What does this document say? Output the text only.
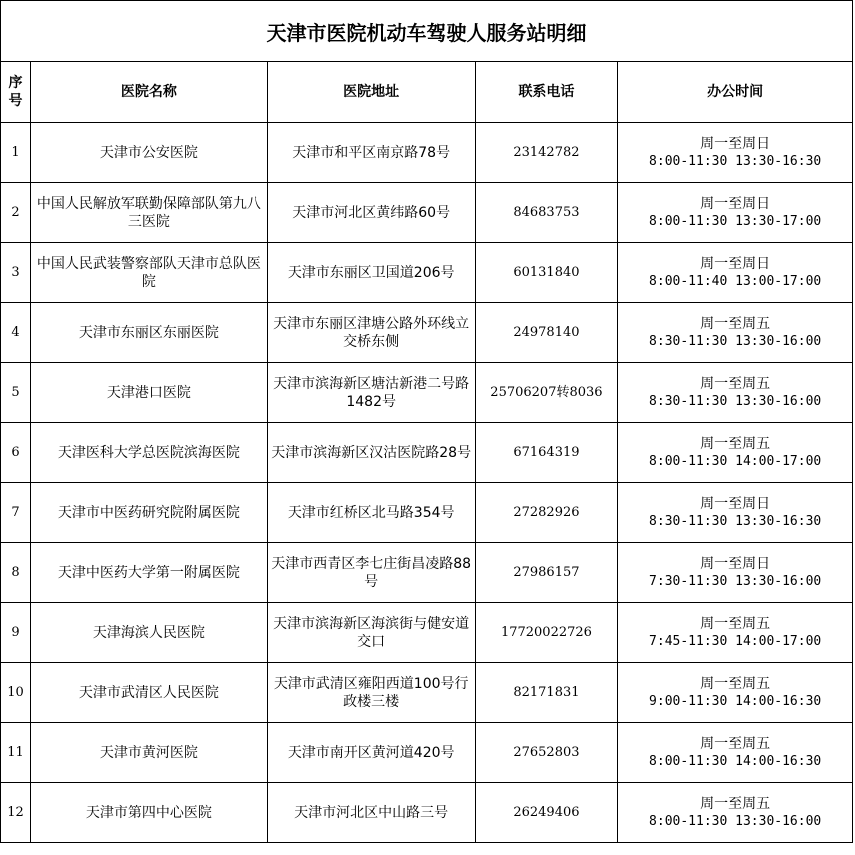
天津市医院机动车驾驶人服务站明细
序号	医院名称	医院地址	联系电话	办公时间
1	天津市公安医院	天津市和平区南京路78号	23142782	周一至周日
8:00-11:30 13:30-16:30

2	中国人民解放军联勤保障部队第九八三医院	天津市河北区黄纬路60号	84683753	周一至周日
8:00-11:30 13:30-17:00

3	中国人民武装警察部队天津市总队医院	天津市东丽区卫国道206号	60131840	周一至周日
8:00-11:40 13:00-17:00

4	天津市东丽区东丽医院	天津市东丽区津塘公路外环线立交桥东侧	24978140	周一至周五
8:30-11:30 13:30-16:00

5	天津港口医院	天津市滨海新区塘沽新港二号路1482号	25706207转8036	周一至周五
8:30-11:30 13:30-16:00

6	天津医科大学总医院滨海医院	天津市滨海新区汉沽医院路28号	67164319	周一至周五
8:00-11:30 14:00-17:00

7	天津市中医药研究院附属医院	天津市红桥区北马路354号	27282926	周一至周日
8:30-11:30 13:30-16:30

8	天津中医药大学第一附属医院	天津市西青区李七庄街昌凌路88号	27986157	周一至周日
7:30-11:30 13:30-16:00

9	天津海滨人民医院	天津市滨海新区海滨街与健安道交口	17720022726	周一至周五
7:45-11:30 14:00-17:00

10	天津市武清区人民医院	天津市武清区雍阳西道100号行政楼三楼	82171831	周一至周五
9:00-11:30 14:00-16:30

11	天津市黄河医院	天津市南开区黄河道420号	27652803	周一至周五
8:00-11:30 14:00-16:30

12	天津市第四中心医院	天津市河北区中山路三号	26249406	周一至周五
8:00-11:30 13:30-16:00
